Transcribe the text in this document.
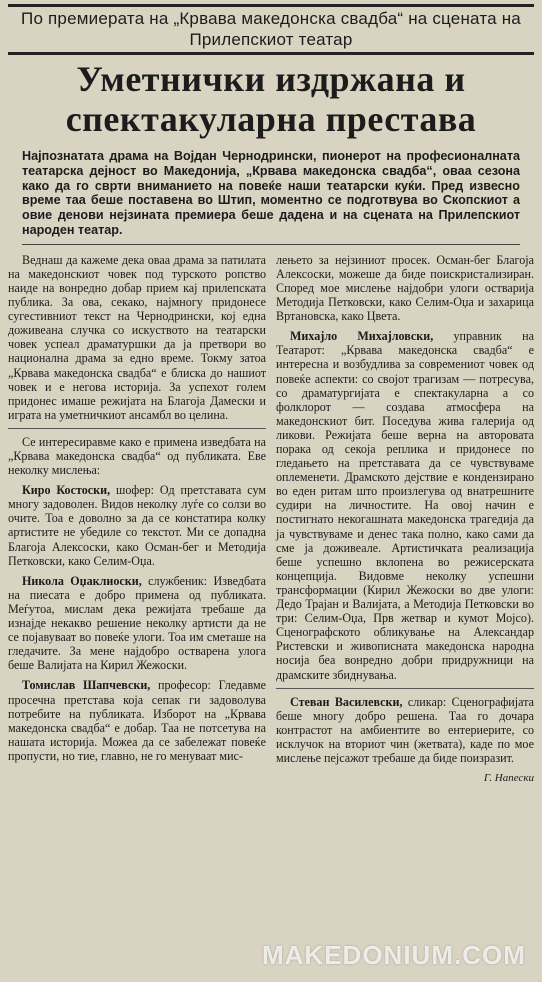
По премиерата на „Крвава македонска свадба“ на сцената на Прилепскиот театар
Уметнички издржана и спектакуларна престава
Најпознатата драма на Војдан Чернодрински, пионерот на професионалната театарска дејност во Македонија, „Крвава македонска свадба“, оваа сезона како да го сврти вниманието на повеќе наши театарски куќи. Пред извесно време таа беше поставена во Штип, моментно се подготвува во Скопскиот а овие денови нејзината премиера беше дадена и на сцената на Прилепскиот народен театар.

Веднаш да кажеме дека оваа драма за патилата на македонскиот човек под турското ропство наиде на вонредно добар прием кај прилепската публика. За ова, секако, најмногу придонесе сугестивниот текст на Чернодрински, кој една доживеана случка со искуството на театарски човек успеал драматуршки да ја претвори во национална драма за едно време. Токму затоа „Крвава македонска свадба“ е блиска до нашиот човек и е негова историја. За успехот голем придонес имаше режијата на Благоја Дамески и играта на уметничкиот ансамбл во целина.

Се интересиравме како е примена изведбата на „Крвава македонска свадба“ од публиката. Еве неколку мислења:

Киро Костоски, шофер: Од претставата сум многу задоволен. Видов неколку луѓе со солзи во очите. Тоа е доволно за да се констатира колку артистите не убедиле со текстот. Ми се допадна Благоја Алексоски, како Осман-бег и Методија Петковски, како Селим-Оџа.

Никола Оџаклиоски, службеник: Изведбата на пиесата е добро примена од публиката. Меѓутоа, мислам дека режијата требаше да изнајде некакво решение неколку артисти да не се појавуваат во повеќе улоги. Тоа им сметаше на гледачите. За мене најдобро остварена улога беше Валијата на Кирил Жежоски.

Томислав Шапчевски, професор: Гледавме просечна претстава која сепак ги задоволува потребите на публиката. Изборот на „Крвава македонска свадба“ е добар. Таа не потсетува на нашата историја. Можеа да се забележат повеќе пропусти, но тие, главно, не го менуваат мис-

лењето за нејзиниот просек. Осман-бег Благоја Алексоски, можеше да биде поискристализиран. Според мое мислење најдобри улоги оствариja Методија Петковски, како Селим-Оџа и захарица Вртановска, како Цвета.

Михајло Михајловски, управник на Театарот: „Крвава македонска свадба“ е интересна и возбудлива за современиот човек од повеќе аспекти: со својот трагизам — потресува, со драматургијата е спектакуларна а со фолклорот — создава атмосфера на македонскиот бит. Поседува жива галерија од ликови. Режијата беше верна на авторовата порака од секоја реплика и придонесе по гледањето на претставата да се чувствуваме оплеменети. Драмското дејствие е кондензирано во еден ритам што произлегува од внатрешните судири на личностите. На овој начин е постигнато некогашната македонска трагедија да ја чувствуваме и денес така полно, како сами да сме ја доживеале. Артистичката реализација беше успешно вклопена во режисерската концепција. Видовме неколку успешни трансформации (Кирил Жежоски во две улоги: Дедо Трајан и Валијата, а Методија Петковски во три: Селим-Оџа, Прв жетвар и кумот Мојсо). Сценографското обликување на Александар Ристевски и живописната македонска народна носија беа вонредно добри придружници на драмските збиднувања.

Стеван Василевски, сликар: Сценографијата беше многу добро решена. Таа го дочара контрастот на амбиентите во ентериерите, со исклучок на вториот чин (жетвата), каде по мое мислење пејсажот требаше да биде поизразит.

Г. Напески
MAKEDONIUM.COM
